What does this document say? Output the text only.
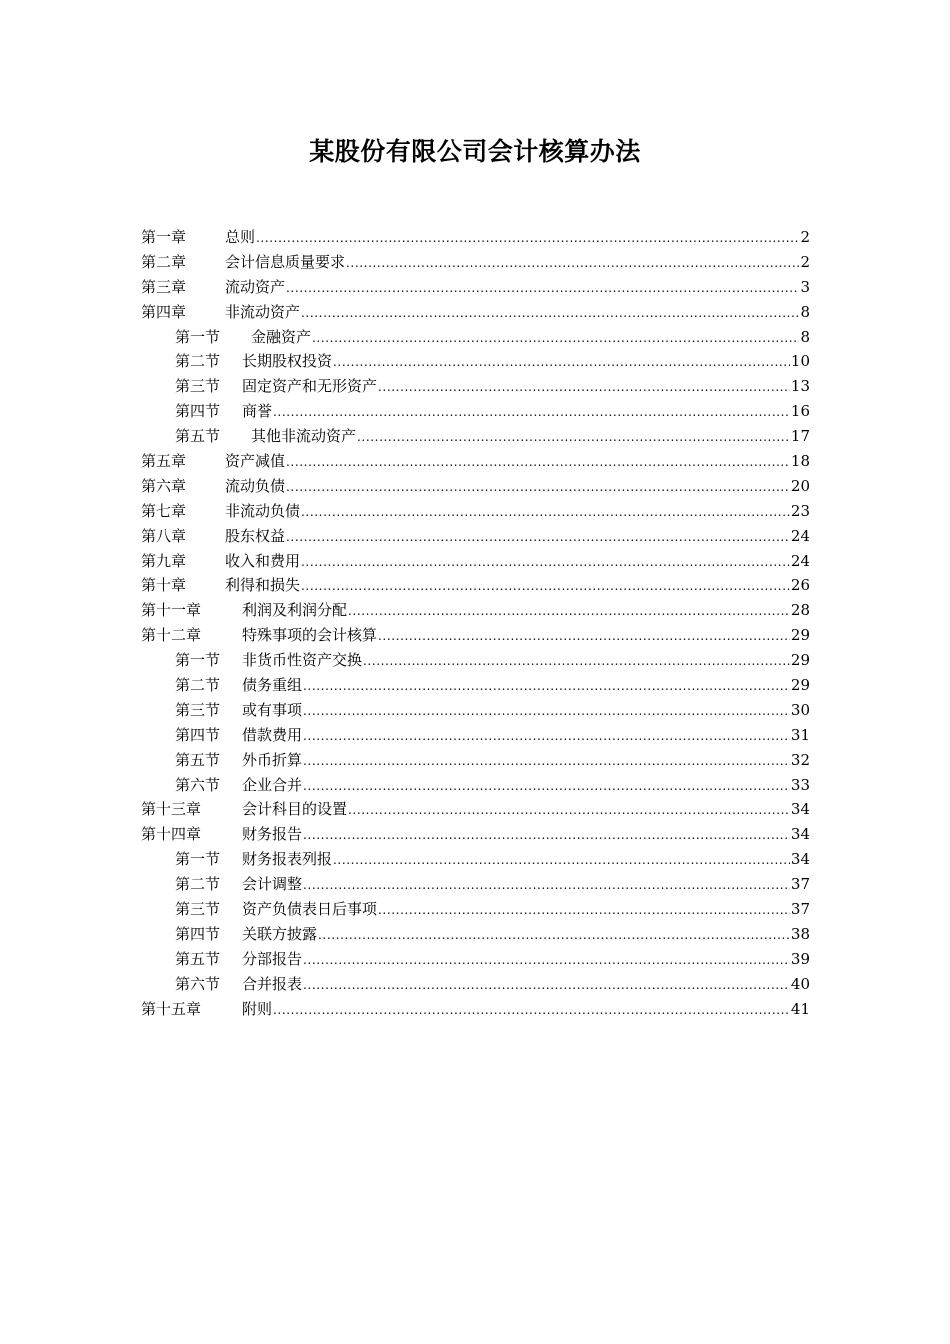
某股份有限公司会计核算办法
第一章	总则 .....	2
第二章	会计信息质量要求 .....	2
第三章	流动资产 .....	3
第四章	非流动资产 .....	8
第一节	金融资产 .....	8
第二节	长期股权投资 .....	10
第三节	固定资产和无形资产 .....	13
第四节	商誉 .....	16
第五节	其他非流动资产 .....	17
第五章	资产减值 .....	18
第六章	流动负债 .....	20
第七章	非流动负债 .....	23
第八章	股东权益 .....	24
第九章	收入和费用 .....	24
第十章	利得和损失 .....	26
第十一章	利润及利润分配 .....	28
第十二章	特殊事项的会计核算 .....	29
第一节	非货币性资产交换 .....	29
第二节	债务重组 .....	29
第三节	或有事项 .....	30
第四节	借款费用 .....	31
第五节	外币折算 .....	32
第六节	企业合并 .....	33
第十三章	会计科目的设置 .....	34
第十四章	财务报告 .....	34
第一节	财务报表列报 .....	34
第二节	会计调整 .....	37
第三节	资产负债表日后事项 .....	37
第四节	关联方披露 .....	38
第五节	分部报告 .....	39
第六节	合并报表 .....	40
第十五章	附则 .....	41
